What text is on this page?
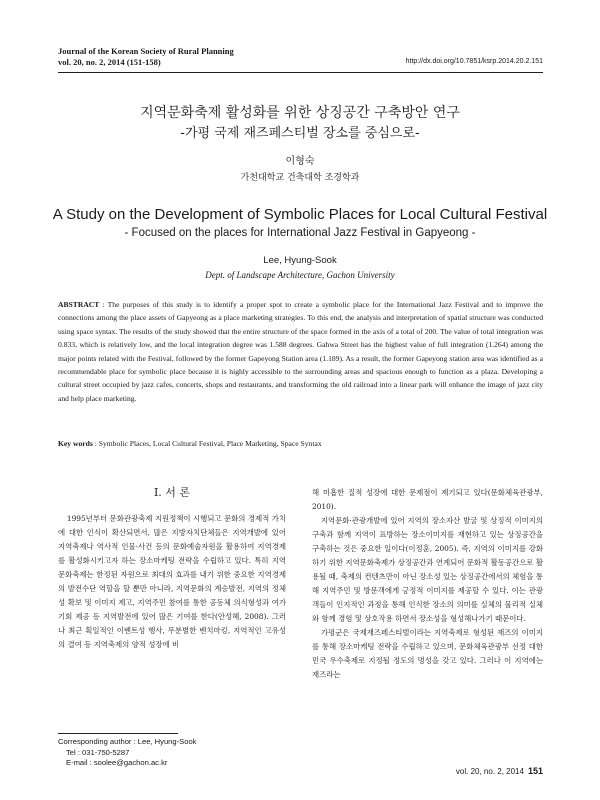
Journal of the Korean Society of Rural Planning
vol. 20, no. 2, 2014 (151-158)	http://dx.doi.org/10.7851/ksrp.2014.20.2.151
지역문화축제 활성화를 위한 상징공간 구축방안 연구
-가평 국제 재즈페스티벌 장소를 중심으로-
이형숙
가천대학교 건축대학 조경학과
A Study on the Development of Symbolic Places for Local Cultural Festival
- Focused on the places for International Jazz Festival in Gapyeong -
Lee, Hyung-Sook
Dept. of Landscape Architecture, Gachon University
ABSTRACT : The purposes of this study is to identify a proper spot to create a symbolic place for the International Jazz Festival and to improve the connections among the place assets of Gapyeong as a place marketing strategies. To this end, the analysis and interpretation of spatial structure was conducted using space syntax. The results of the study showed that the entire structure of the space formed in the axis of a total of 200. The value of total integration was 0.833, which is relatively low, and the local integration degree was 1.588 degrees. Gahwa Street has the highest value of full integration (1.264) among the major points related with the Festival, followed by the former Gapeyong Station area (1.189). As a result, the former Gapeyong station area was identified as a recommendable place for symbolic place because it is highly accessible to the surrounding areas and spacious enough to function as a plaza. Developing a cultural street occupied by jazz cafes, concerts, shops and restaurants, and transforming the old railroad into a linear park will enhance the image of jazz city and help place marketing.
Key words : Symbolic Places, Local Cultural Festival, Place Marketing, Space Syntax
Ⅰ. 서 론

1995년부터 문화관광축제 지원정책이 시행되고 문화의 경제적 가치에 대한 인식이 확산되면서, 많은 지방자치단체들은 지역개발에 있어 지역축제나 역사적 인물·사건 등의 문화예술자원을 활용하여 지역경제를 활성화시키고자 하는 장소마케팅 전략을 수립하고 있다. 특히 지역문화축제는 한정된 자원으로 최대의 효과를 내기 위한 중요한 지역경제의 발전수단 역할을 할 뿐만 아니라, 지역문화의 계승발전, 지역의 정체성 확보 및 이미지 제고, 지역주민 참여를 통한 공동체 의식형성과 여가기회 제공 등 지역발전에 있어 많은 기여를 한다(안성혜, 2008). 그러나 최근 획일적인 이벤트성 행사, 무분별한 벤치마킹, 지역적인 고유성의 결여 등 지역축제의 양적 성장에 비

해 미흡한 질적 성장에 대한 문제점이 제기되고 있다(문화체육관광부, 2010).

지역문화·관광개발에 있어 지역의 장소자산 발굴 및 상징적 이미지의 구축과 함께 지역이 표방하는 장소이미지를 재현하고 있는 상징공간을 구축하는 것은 중요한 일이다(이정훈, 2005). 즉, 지역의 이미지를 강화하기 위한 지역문화축제가 상징공간과 연계되어 문화적 활동공간으로 활용될 때, 축제의 컨텐츠만이 아닌 장소성 있는 상징공간에서의 체험을 통해 지역주민 및 방문객에게 긍정적 이미지를 제공할 수 있다. 이는 관광객들이 인지적인 과정을 통해 인식한 장소의 의미를 실체의 물리적 실체와 함께 경험 및 상호작용 하면서 장소성을 형성해나가기 때문이다.

가평군은 국제재즈페스티벌이라는 지역축제로 형성된 재즈의 이미지를 통해 장소마케팅 전략을 수립하고 있으며, 문화체육관광부 선정 대한민국 우수축제로 지정될 정도의 명성을 갖고 있다. 그러나 이 지역에는 재즈라는

Corresponding author : Lee, Hyung-Sook
Tel : 031-750-5287
E-mail : soolee@gachon.ac.kr
vol. 20, no. 2, 2014 151
